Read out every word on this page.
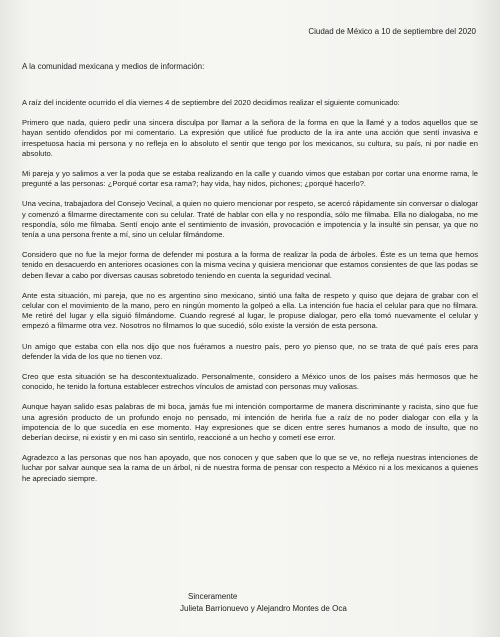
Ciudad de México a 10 de septiembre del 2020
A la comunidad mexicana y medios de información:

A raíz del incidente ocurrido el día viernes 4 de septiembre del 2020 decidimos realizar el siguiente comunicado:

Primero que nada, quiero pedir una sincera disculpa por llamar a la señora de la forma en que la llamé y a todos aquellos que se hayan sentido ofendidos por mi comentario. La expresión que utilicé fue producto de la ira ante una acción que sentí invasiva e irrespetuosa hacia mi persona y no refleja en lo absoluto el sentir que tengo por los mexicanos, su cultura, su país, ni por nadie en absoluto.

Mi pareja y yo salimos a ver la poda que se estaba realizando en la calle y cuando vimos que estaban por cortar una enorme rama, le pregunté a las personas: ¿Porqué cortar esa rama?; hay vida, hay nidos, pichones; ¿porqué hacerlo?.

Una vecina, trabajadora del Consejo Vecinal, a quien no quiero mencionar por respeto, se acercó rápidamente sin conversar o dialogar y comenzó a filmarme directamente con su celular. Traté de hablar con ella y no respondía, sólo me filmaba. Ella no dialogaba, no me respondía, sólo me filmaba. Sentí enojo ante el sentimiento de invasión, provocación e impotencia y la insulté sin pensar, ya que no tenía a una persona frente a mí, sino un celular filmándome.

Considero que no fue la mejor forma de defender mi postura a la forma de realizar la poda de árboles. Éste es un tema que hemos tenido en desacuerdo en anteriores ocasiones con la misma vecina y quisiera mencionar que estamos consientes de que las podas se deben llevar a cabo por diversas causas sobretodo teniendo en cuenta la seguridad vecinal.

Ante esta situación, mi pareja, que no es argentino sino mexicano, sintió una falta de respeto y quiso que dejara de grabar con el celular con el movimiento de la mano, pero en ningún momento la golpeó a ella. La intención fue hacia el celular para que no filmara. Me retiré del lugar y ella siguió filmándome. Cuando regresé al lugar, le propuse dialogar, pero ella tomó nuevamente el celular y empezó a filmarme otra vez. Nosotros no filmamos lo que sucedió, sólo existe la versión de esta persona.

Un amigo que estaba con ella nos dijo que nos fuéramos a nuestro país, pero yo pienso que, no se trata de qué país eres para defender la vida de los que no tienen voz.

Creo que esta situación se ha descontextualizado. Personalmente, considero a México unos de los países más hermosos que he conocido, he tenido la fortuna establecer estrechos vínculos de amistad con personas muy valiosas.

Aunque hayan salido esas palabras de mi boca, jamás fue mi intención comportarme de manera discriminante y racista, sino que fue una agresión producto de un profundo enojo no pensado, mi intención de herirla fue a raíz de no poder dialogar con ella y la impotencia de lo que sucedía en ese momento. Hay expresiones que se dicen entre seres humanos a modo de insulto, que no deberían decirse, ni existir y en mi caso sin sentirlo, reaccioné a un hecho y cometí ese error.

Agradezco a las personas que nos han apoyado, que nos conocen y que saben que lo que se ve, no refleja nuestras intenciones de luchar por salvar aunque sea la rama de un árbol, ni de nuestra forma de pensar con respecto a México ni a los mexicanos a quienes he apreciado siempre.

Sinceramente
Julieta Barrionuevo y Alejandro Montes de Oca
